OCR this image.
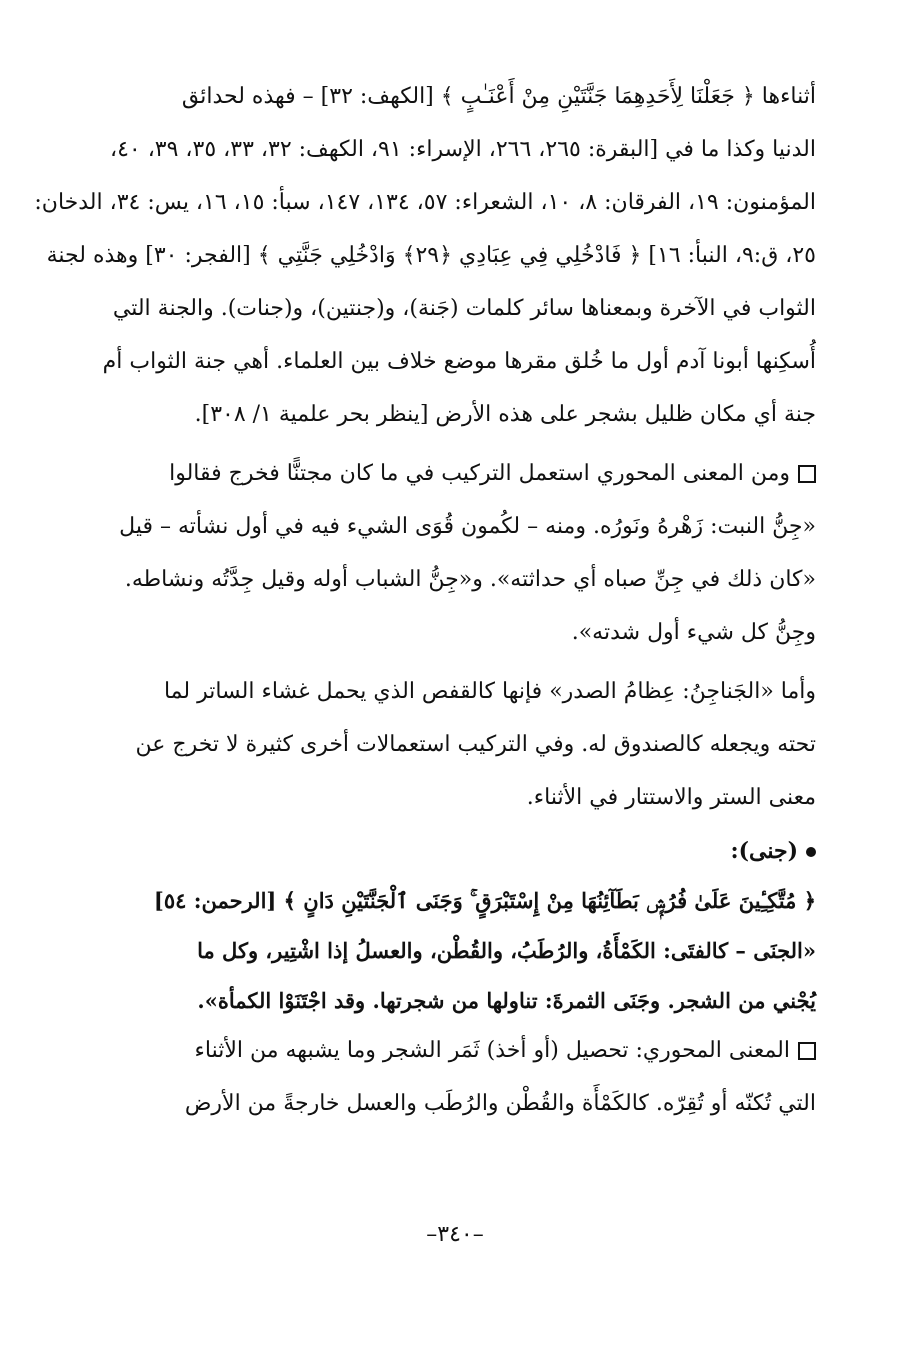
أثناءها ﴿ جَعَلْنَا لِأَحَدِهِمَا جَنَّتَيْنِ مِنْ أَعْنَـٰبٍ ﴾ [الكهف: ٣٢] – فهذه لحدائق
الدنيا وكذا ما في [البقرة: ٢٦٥، ٢٦٦، الإسراء: ٩١، الكهف: ٣٢، ٣٣، ٣٥، ٣٩، ٤٠،
المؤمنون: ١٩، الفرقان: ٨، ١٠، الشعراء: ٥٧، ١٣٤، ١٤٧، سبأ: ١٥، ١٦، يس: ٣٤، الدخان:
٢٥، ق:٩، النبأ: ١٦] ﴿ فَادْخُلِي فِي عِبَادِي ﴿٢٩﴾ وَادْخُلِي جَنَّتِي ﴾ [الفجر: ٣٠] وهذه لجنة
الثواب في الآخرة وبمعناها سائر كلمات (جَنة)، و(جنتين)، و(جنات). والجنة التي
أُسكِنها أبونا آدم أول ما خُلق مقرها موضع خلاف بين العلماء. أهي جنة الثواب أم
جنة أي مكان ظليل بشجر على هذه الأرض [ينظر بحر علمية ١/ ٣٠٨].
ومن المعنى المحوري استعمل التركيب في ما كان مجتنًّا فخرج فقالوا
«جِنُّ النبت: زَهْرهُ ونَورُه. ومنه – لكُمون قُوَى الشيء فيه في أول نشأته – قيل
«كان ذلك في جِنِّ صباه أي حداثته». و«جِنُّ الشباب أوله وقيل جِدَّتُه ونشاطه.
وجِنُّ كل شيء أول شدته».
وأما «الجَناجِنُ: عِظامُ الصدر» فإنها كالقفص الذي يحمل غشاء الساتر لما
تحته ويجعله كالصندوق له. وفي التركيب استعمالات أخرى كثيرة لا تخرج عن
معنى الستر والاستتار في الأثناء.
(جنى):
﴿ مُتَّكِـِٔينَ عَلَىٰ فُرُشٍۭ بَطَآئِنُهَا مِنْ إِسْتَبْرَقٍ ۚ وَجَنَى ٱلْجَنَّتَيْنِ دَانٍ ﴾ [الرحمن: ٥٤]
«الجنَى – كالفتَى: الكَمْأَةُ، والرُطَبُ، والقُطْن، والعسلُ إذا اشْتِير، وكل ما
يُجْني من الشجر. وجَنَى الثمرةَ: تناولها من شجرتها. وقد اجْتَنَوْا الكمأة».
المعنى المحوري: تحصيل (أو أخذ) ثَمَر الشجر وما يشبهه من الأثناء
التي تُكنّه أو تُقِرّه. كالكَمْأَة والقُطْن والرُطَب والعسل خارجةً من الأرض
–٣٤٠–
